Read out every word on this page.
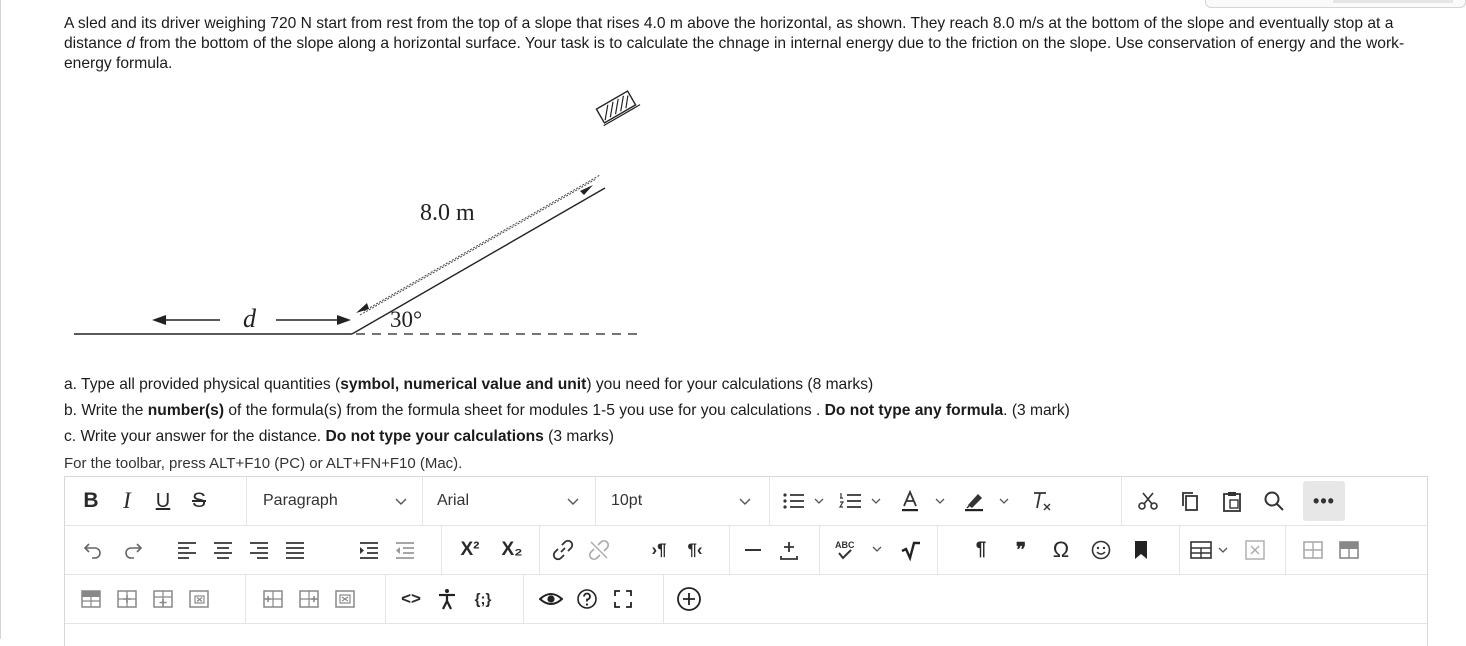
A sled and its driver weighing 720 N start from rest from the top of a slope that rises 4.0 m above the horizontal, as shown. They reach 8.0 m/s at the bottom of the slope and eventually stop at a distance d from the bottom of the slope along a horizontal surface. Your task is to calculate the chnage in internal energy due to the friction on the slope. Use conservation of energy and the work-energy formula.
8.0 m
30°
d
a. Type all provided physical quantities (symbol, numerical value and unit) you need for your calculations (8 marks)
b. Write the number(s) of the formula(s) from the formula sheet for modules 1-5 you use for you calculations . Do not type any formula. (3 mark)
c. Write your answer for the distance. Do not type your calculations (3 marks)
For the toolbar, press ALT+F10 (PC) or ALT+FN+F10 (Mac).
B	I	U	S	Paragraph	Arial	10pt	•••
X²	X₂	›¶	¶‹	ABC	¶	❞	Ω
<>	{;}
